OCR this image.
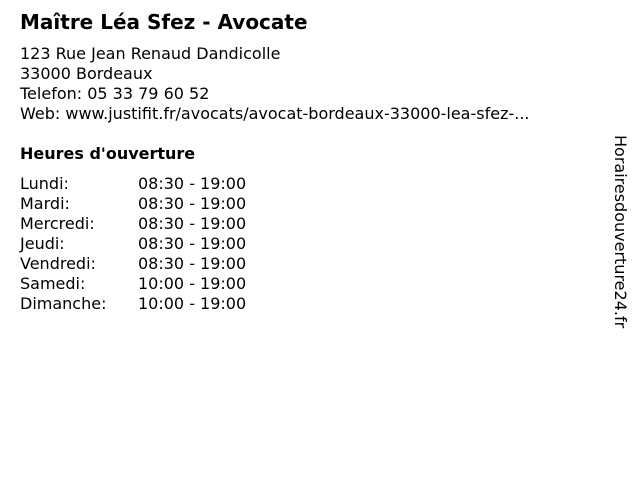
Maître Léa Sfez - Avocate
123 Rue Jean Renaud Dandicolle
33000 Bordeaux
Telefon: 05 33 79 60 52
Web: www.justifit.fr/avocats/avocat-bordeaux-33000-lea-sfez-...
Heures d'ouverture
Lundi:	08:30 - 19:00
Mardi:	08:30 - 19:00
Mercredi:	08:30 - 19:00
Jeudi:	08:30 - 19:00
Vendredi:	08:30 - 19:00
Samedi:	10:00 - 19:00
Dimanche: 10:00 - 19:00	Horairesdouverture24.fr
